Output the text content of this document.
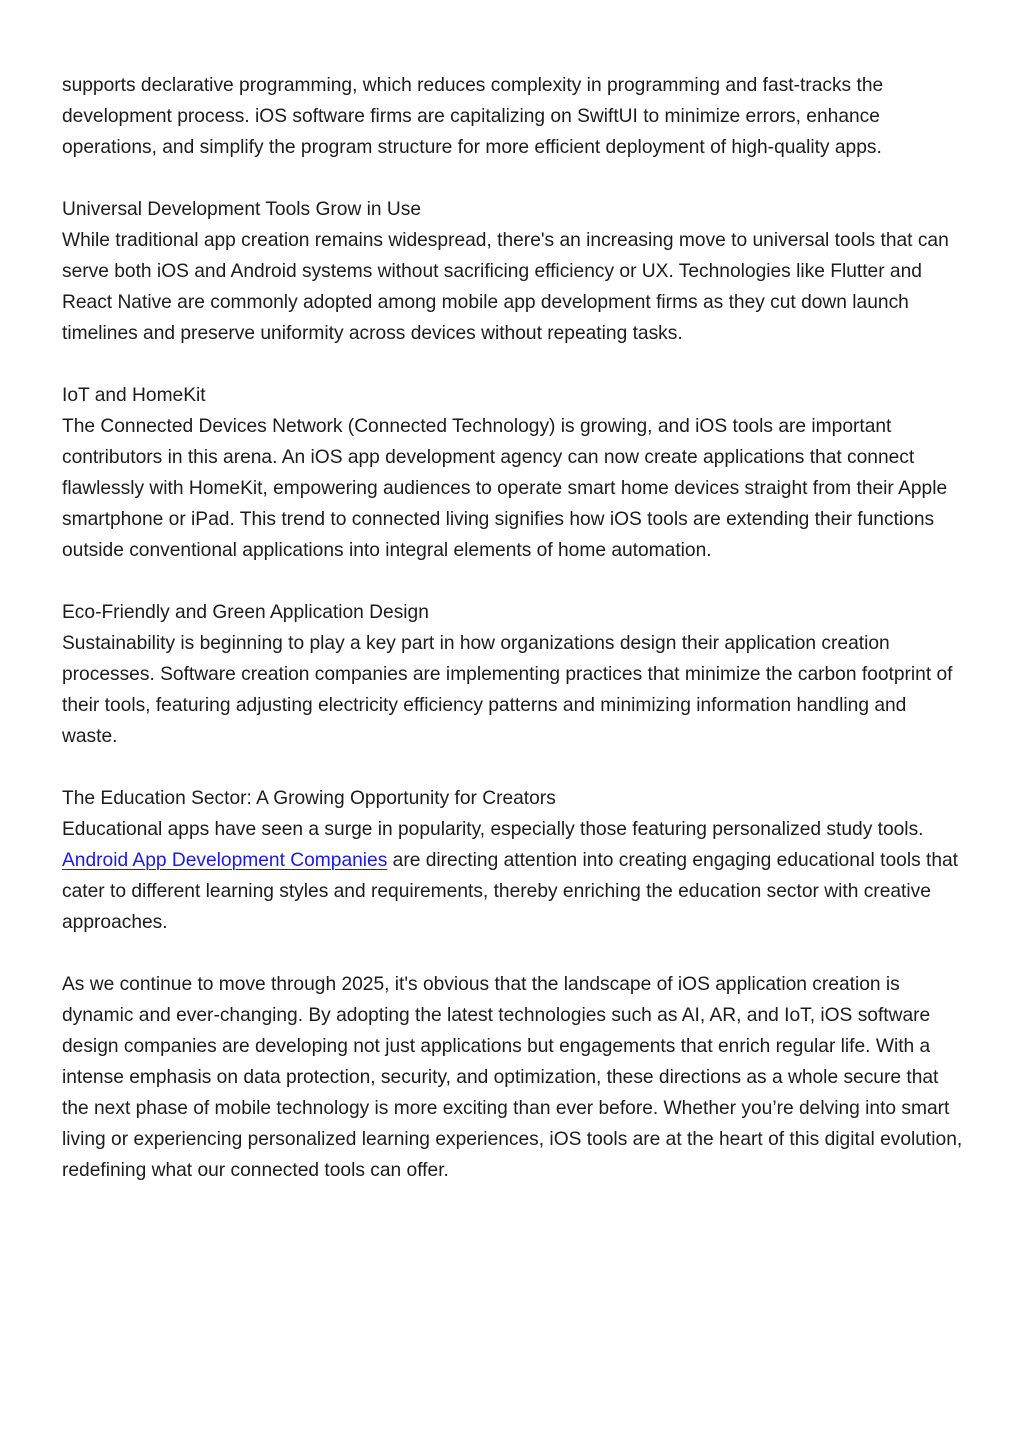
supports declarative programming, which reduces complexity in programming and fast-tracks the development process. iOS software firms are capitalizing on SwiftUI to minimize errors, enhance operations, and simplify the program structure for more efficient deployment of high-quality apps.

Universal Development Tools Grow in Use

While traditional app creation remains widespread, there's an increasing move to universal tools that can serve both iOS and Android systems without sacrificing efficiency or UX. Technologies like Flutter and React Native are commonly adopted among mobile app development firms as they cut down launch timelines and preserve uniformity across devices without repeating tasks.

IoT and HomeKit

The Connected Devices Network (Connected Technology) is growing, and iOS tools are important contributors in this arena. An iOS app development agency can now create applications that connect flawlessly with HomeKit, empowering audiences to operate smart home devices straight from their Apple smartphone or iPad. This trend to connected living signifies how iOS tools are extending their functions outside conventional applications into integral elements of home automation.

Eco-Friendly and Green Application Design

Sustainability is beginning to play a key part in how organizations design their application creation processes. Software creation companies are implementing practices that minimize the carbon footprint of their tools, featuring adjusting electricity efficiency patterns and minimizing information handling and waste.

The Education Sector: A Growing Opportunity for Creators

Educational apps have seen a surge in popularity, especially those featuring personalized study tools. Android App Development Companies are directing attention into creating engaging educational tools that cater to different learning styles and requirements, thereby enriching the education sector with creative approaches.

As we continue to move through 2025, it's obvious that the landscape of iOS application creation is dynamic and ever-changing. By adopting the latest technologies such as AI, AR, and IoT, iOS software design companies are developing not just applications but engagements that enrich regular life. With a intense emphasis on data protection, security, and optimization, these directions as a whole secure that the next phase of mobile technology is more exciting than ever before. Whether you’re delving into smart living or experiencing personalized learning experiences, iOS tools are at the heart of this digital evolution, redefining what our connected tools can offer.
